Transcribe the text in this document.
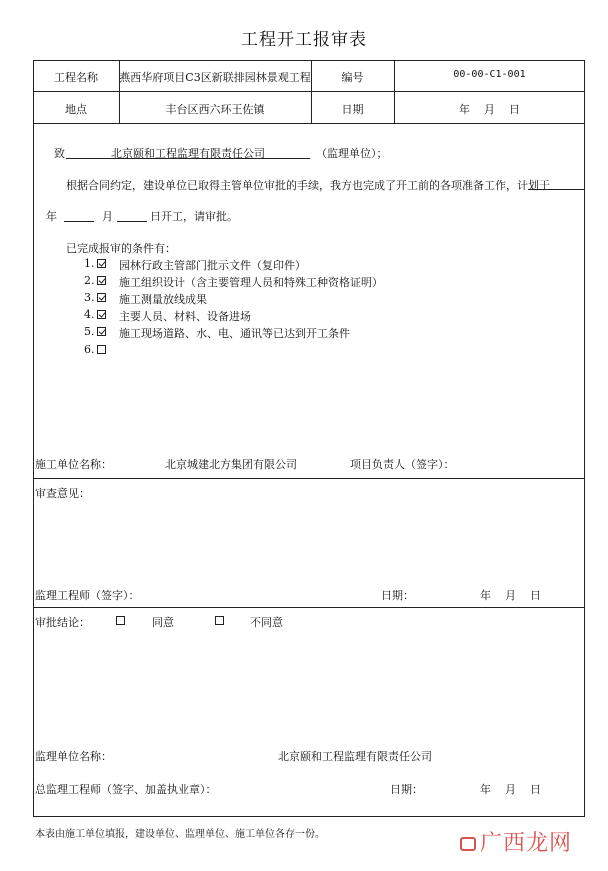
工程开工报审表
工程名称	燕西华府项目C3区新联排园林景观工程	编号	00-00-C1-001
地点	丰台区西六环王佐镇	日期	年    月    日
致	北京颐和工程监理有限责任公司	（监理单位）；
根据合同约定，建设单位已取得主管单位审批的手续，我方也完成了开工前的各项准备工作，计划于
年	月	日开工，请审批。
已完成报审的条件有：
1.	园林行政主管部门批示文件（复印件）
2.	施工组织设计（含主要管理人员和特殊工种资格证明）
3.	施工测量放线成果
4.	主要人员、材料、设备进场
5.	施工现场道路、水、电、通讯等已达到开工条件
6.
施工单位名称：	北京城建北方集团有限公司	项目负责人（签字）：
审查意见：
监理工程师（签字）：	日期：	年    月    日
审批结论：	同意	不同意
监理单位名称：	北京颐和工程监理有限责任公司
总监理工程师（签字、加盖执业章）：	日期：	年    月    日
本表由施工单位填报，建设单位、监理单位、施工单位各存一份。	广西龙网
